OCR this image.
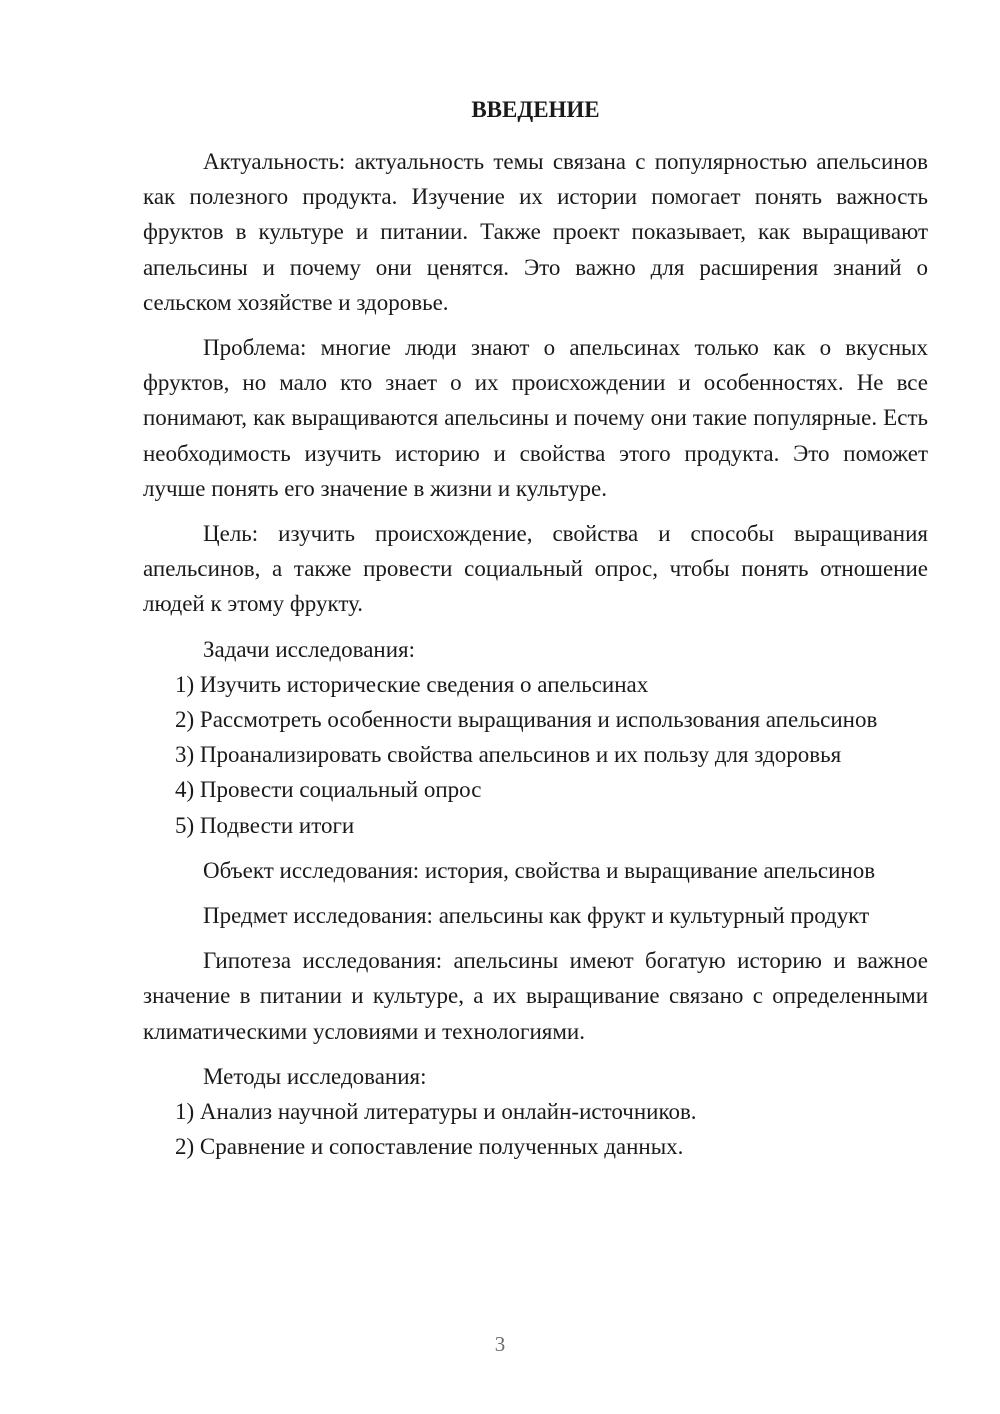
ВВЕДЕНИЕ

Актуальность: актуальность темы связана с популярностью апельсинов как полезного продукта. Изучение их истории помогает понять важность фруктов в культуре и питании. Также проект показывает, как выращивают апельсины и почему они ценятся. Это важно для расширения знаний о сельском хозяйстве и здоровье.

Проблема: многие люди знают о апельсинах только как о вкусных фруктов, но мало кто знает о их происхождении и особенностях. Не все понимают, как выращиваются апельсины и почему они такие популярные. Есть необходимость изучить историю и свойства этого продукта. Это поможет лучше понять его значение в жизни и культуре.

Цель: изучить происхождение, свойства и способы выращивания апельсинов, а также провести социальный опрос, чтобы понять отношение людей к этому фрукту.

Задачи исследования:

1) Изучить исторические сведения о апельсинах

2) Рассмотреть особенности выращивания и использования апельсинов

3) Проанализировать свойства апельсинов и их пользу для здоровья

4) Провести социальный опрос

5) Подвести итоги

Объект исследования: история, свойства и выращивание апельсинов

Предмет исследования: апельсины как фрукт и культурный продукт

Гипотеза исследования: апельсины имеют богатую историю и важное значение в питании и культуре, а их выращивание связано с определенными климатическими условиями и технологиями.

Методы исследования:

1) Анализ научной литературы и онлайн-источников.

2) Сравнение и сопоставление полученных данных.

3
